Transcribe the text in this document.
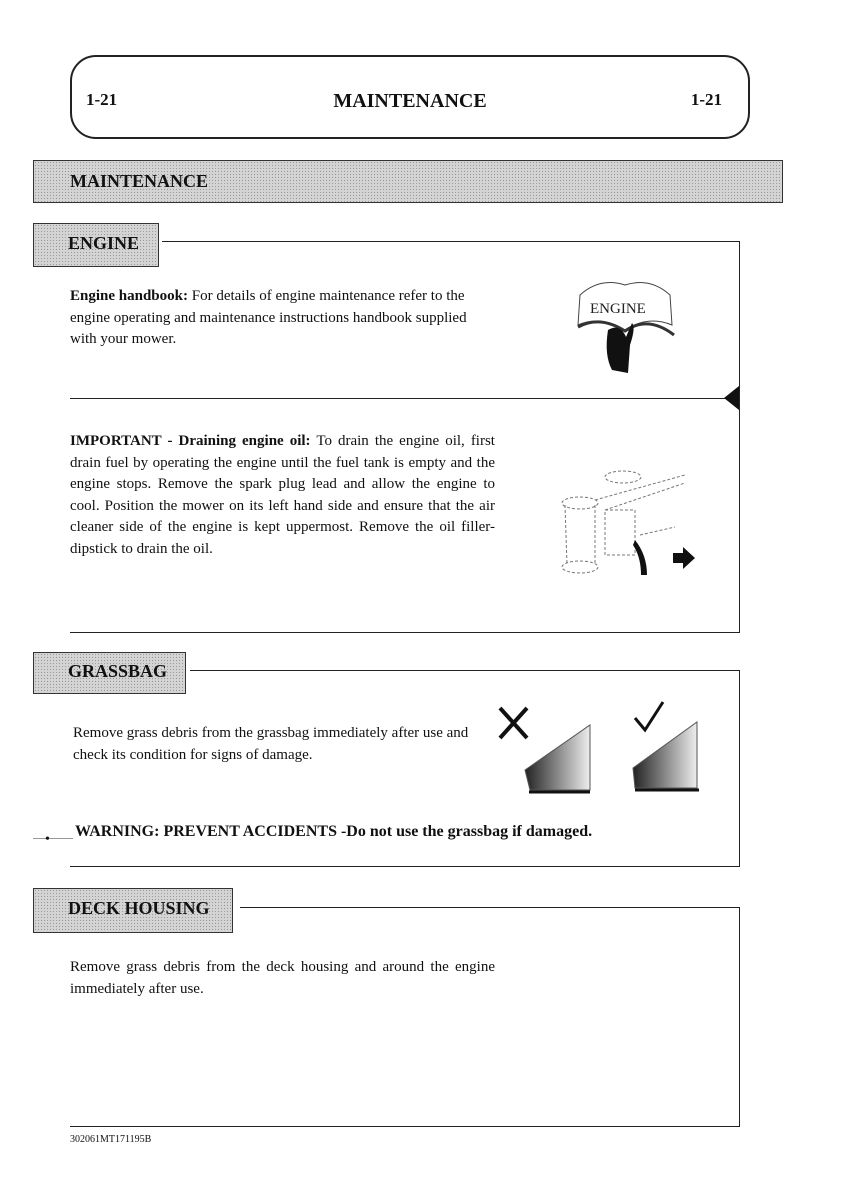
1-21	MAINTENANCE	1-21
MAINTENANCE
ENGINE
Engine handbook: For details of engine maintenance refer to the engine operating and maintenance instructions handbook supplied with your mower.
ENGINE
IMPORTANT - Draining engine oil: To drain the engine oil, first drain fuel by operating the engine until the fuel tank is empty and the engine stops. Remove the spark plug lead and allow the engine to cool. Position the mower on its left hand side and ensure that the air cleaner side of the engine is kept uppermost. Remove the oil filler-dipstick to drain the oil.
GRASSBAG
Remove grass debris from the grassbag immediately after use and check its condition for signs of damage.
• WARNING: PREVENT ACCIDENTS -Do not use the grassbag if damaged.
DECK HOUSING
Remove grass debris from the deck housing and around the engine immediately after use.
302061MT171195B
